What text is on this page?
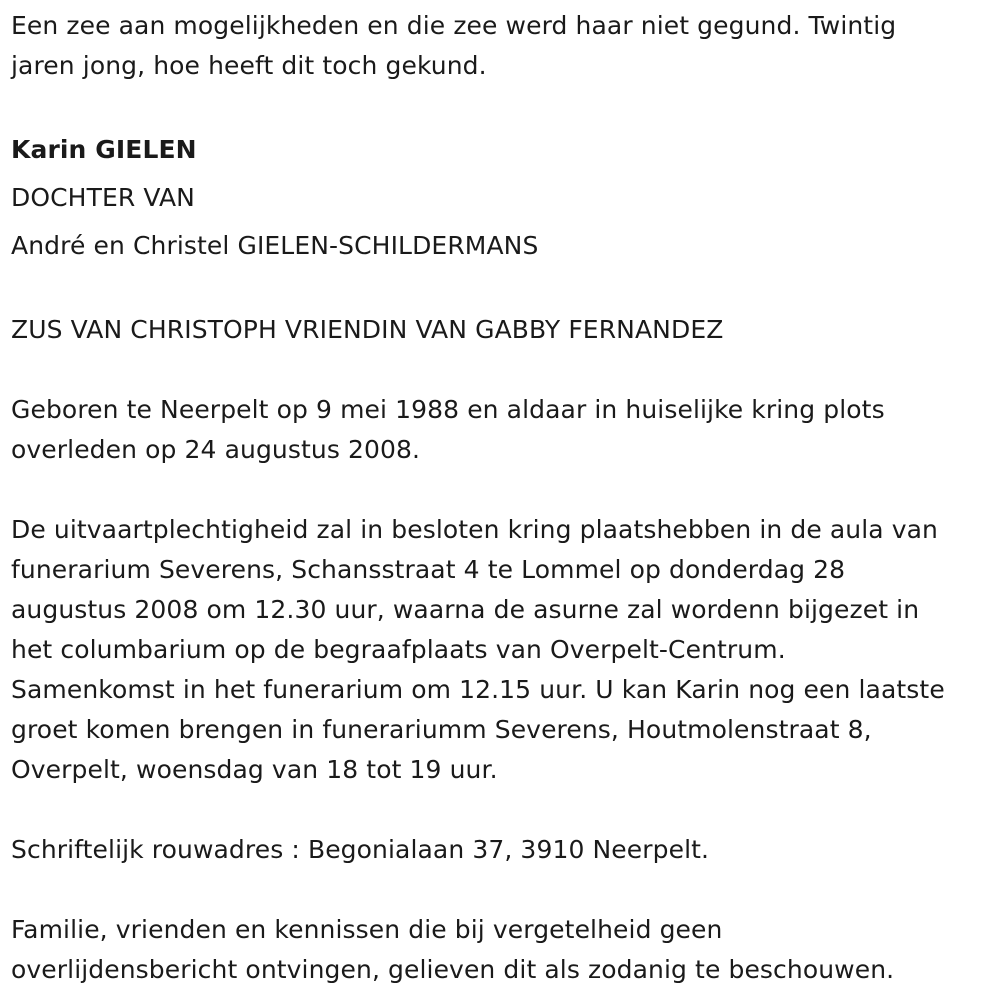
Een zee aan mogelijkheden en die zee werd haar niet gegund. Twintig
jaren jong, hoe heeft dit toch gekund.
Karin GIELEN
DOCHTER VAN
André en Christel GIELEN-SCHILDERMANS
ZUS VAN CHRISTOPH VRIENDIN VAN GABBY FERNANDEZ
Geboren te Neerpelt op 9 mei 1988 en aldaar in huiselijke kring plots
overleden op 24 augustus 2008.
De uitvaartplechtigheid zal in besloten kring plaatshebben in de aula van
funerarium Severens, Schansstraat 4 te Lommel op donderdag 28
augustus 2008 om 12.30 uur, waarna de asurne zal wordenn bijgezet in
het columbarium op de begraafplaats van Overpelt-Centrum.
Samenkomst in het funerarium om 12.15 uur. U kan Karin nog een laatste
groet komen brengen in funerariumm Severens, Houtmolenstraat 8,
Overpelt, woensdag van 18 tot 19 uur.
Schriftelijk rouwadres : Begonialaan 37, 3910 Neerpelt.
Familie, vrienden en kennissen die bij vergetelheid geen
overlijdensbericht ontvingen, gelieven dit als zodanig te beschouwen.
